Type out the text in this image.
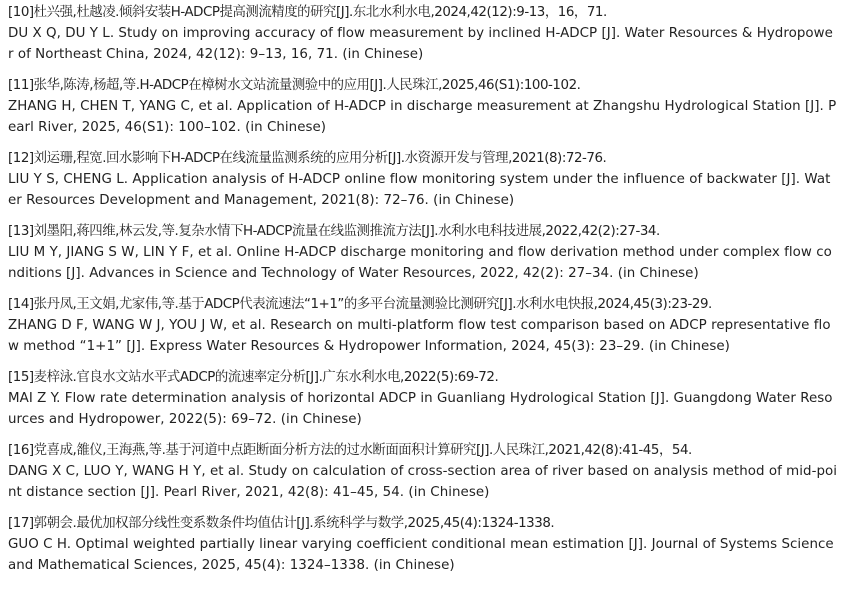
[10]杜兴强,杜越凌.倾斜安装H-ADCP提高测流精度的研究[J].东北水利水电,2024,42(12):9-13，16，71.
DU X Q, DU Y L. Study on improving accuracy of flow measurement by inclined H-ADCP [J]. Water Resources & Hydropower of Northeast China, 2024, 42(12): 9–13, 16, 71. (in Chinese)
[11]张华,陈涛,杨超,等.H-ADCP在樟树水文站流量测验中的应用[J].人民珠江,2025,46(S1):100-102.
ZHANG H, CHEN T, YANG C, et al. Application of H-ADCP in discharge measurement at Zhangshu Hydrological Station [J]. Pearl River, 2025, 46(S1): 100–102. (in Chinese)
[12]刘运珊,程宽.回水影响下H-ADCP在线流量监测系统的应用分析[J].水资源开发与管理,2021(8):72-76.
LIU Y S, CHENG L. Application analysis of H-ADCP online flow monitoring system under the influence of backwater [J]. Water Resources Development and Management, 2021(8): 72–76. (in Chinese)
[13]刘墨阳,蒋四维,林云发,等.复杂水情下H-ADCP流量在线监测推流方法[J].水利水电科技进展,2022,42(2):27-34.
LIU M Y, JIANG S W, LIN Y F, et al. Online H-ADCP discharge monitoring and flow derivation method under complex flow conditions [J]. Advances in Science and Technology of Water Resources, 2022, 42(2): 27–34. (in Chinese)
[14]张丹凤,王文娟,尤家伟,等.基于ADCP代表流速法“1+1”的多平台流量测验比测研究[J].水利水电快报,2024,45(3):23-29.
ZHANG D F, WANG W J, YOU J W, et al. Research on multi-platform flow test comparison based on ADCP representative flow method “1+1” [J]. Express Water Resources & Hydropower Information, 2024, 45(3): 23–29. (in Chinese)
[15]麦梓泳.官良水文站水平式ADCP的流速率定分析[J].广东水利水电,2022(5):69-72.
MAI Z Y. Flow rate determination analysis of horizontal ADCP in Guanliang Hydrological Station [J]. Guangdong Water Resources and Hydropower, 2022(5): 69–72. (in Chinese)
[16]党喜成,雒仪,王海燕,等.基于河道中点距断面分析方法的过水断面面积计算研究[J].人民珠江,2021,42(8):41-45，54.
DANG X C, LUO Y, WANG H Y, et al. Study on calculation of cross-section area of river based on analysis method of mid-point distance section [J]. Pearl River, 2021, 42(8): 41–45, 54. (in Chinese)
[17]郭朝会.最优加权部分线性变系数条件均值估计[J].系统科学与数学,2025,45(4):1324-1338.
GUO C H. Optimal weighted partially linear varying coefficient conditional mean estimation [J]. Journal of Systems Science and Mathematical Sciences, 2025, 45(4): 1324–1338. (in Chinese)
